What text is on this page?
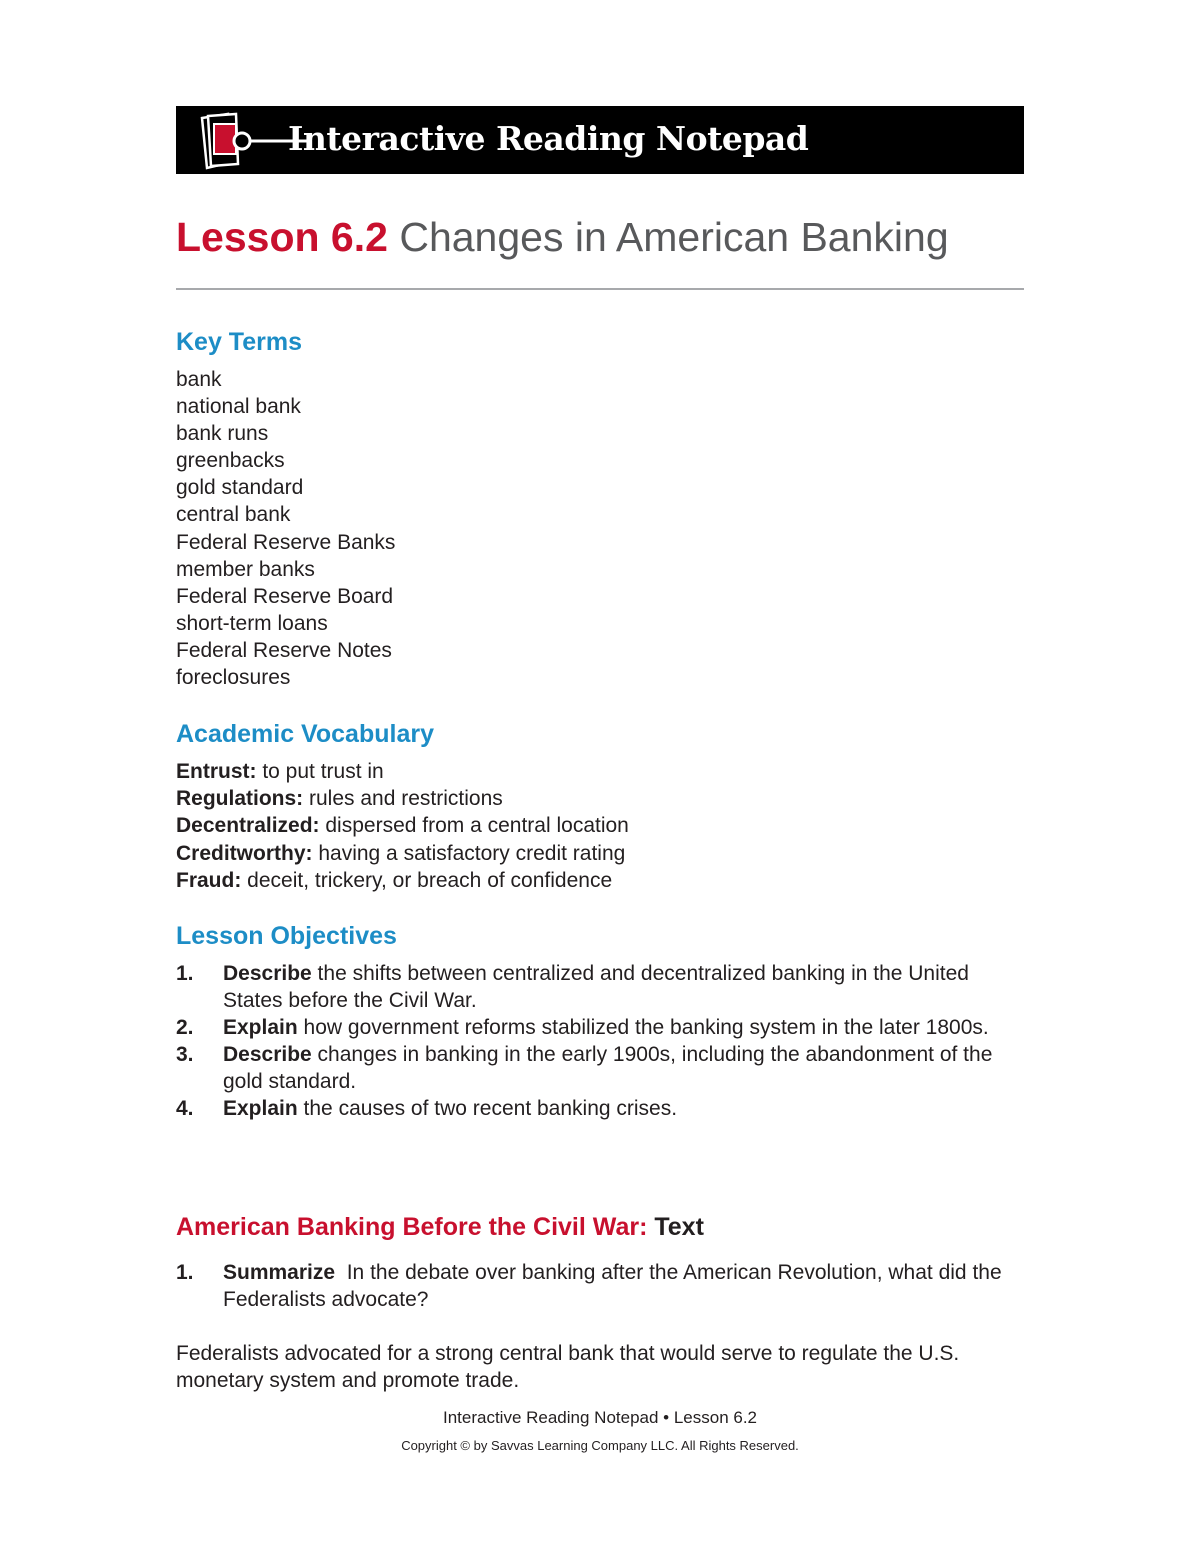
Interactive Reading Notepad
Lesson 6.2 Changes in American Banking
Key Terms
bank
national bank
bank runs
greenbacks
gold standard
central bank
Federal Reserve Banks
member banks
Federal Reserve Board
short-term loans
Federal Reserve Notes
foreclosures
Academic Vocabulary
Entrust: to put trust in
Regulations: rules and restrictions
Decentralized: dispersed from a central location
Creditworthy: having a satisfactory credit rating
Fraud: deceit, trickery, or breach of confidence
Lesson Objectives
1. Describe the shifts between centralized and decentralized banking in the United States before the Civil War.
2. Explain how government reforms stabilized the banking system in the later 1800s.
3. Describe changes in banking in the early 1900s, including the abandonment of the gold standard.
4. Explain the causes of two recent banking crises.
American Banking Before the Civil War: Text
1.	Summarize  In the debate over banking after the American Revolution, what did the Federalists advocate?
Federalists advocated for a strong central bank that would serve to regulate the U.S. monetary system and promote trade.
Interactive Reading Notepad • Lesson 6.2
Copyright © by Savvas Learning Company LLC. All Rights Reserved.
